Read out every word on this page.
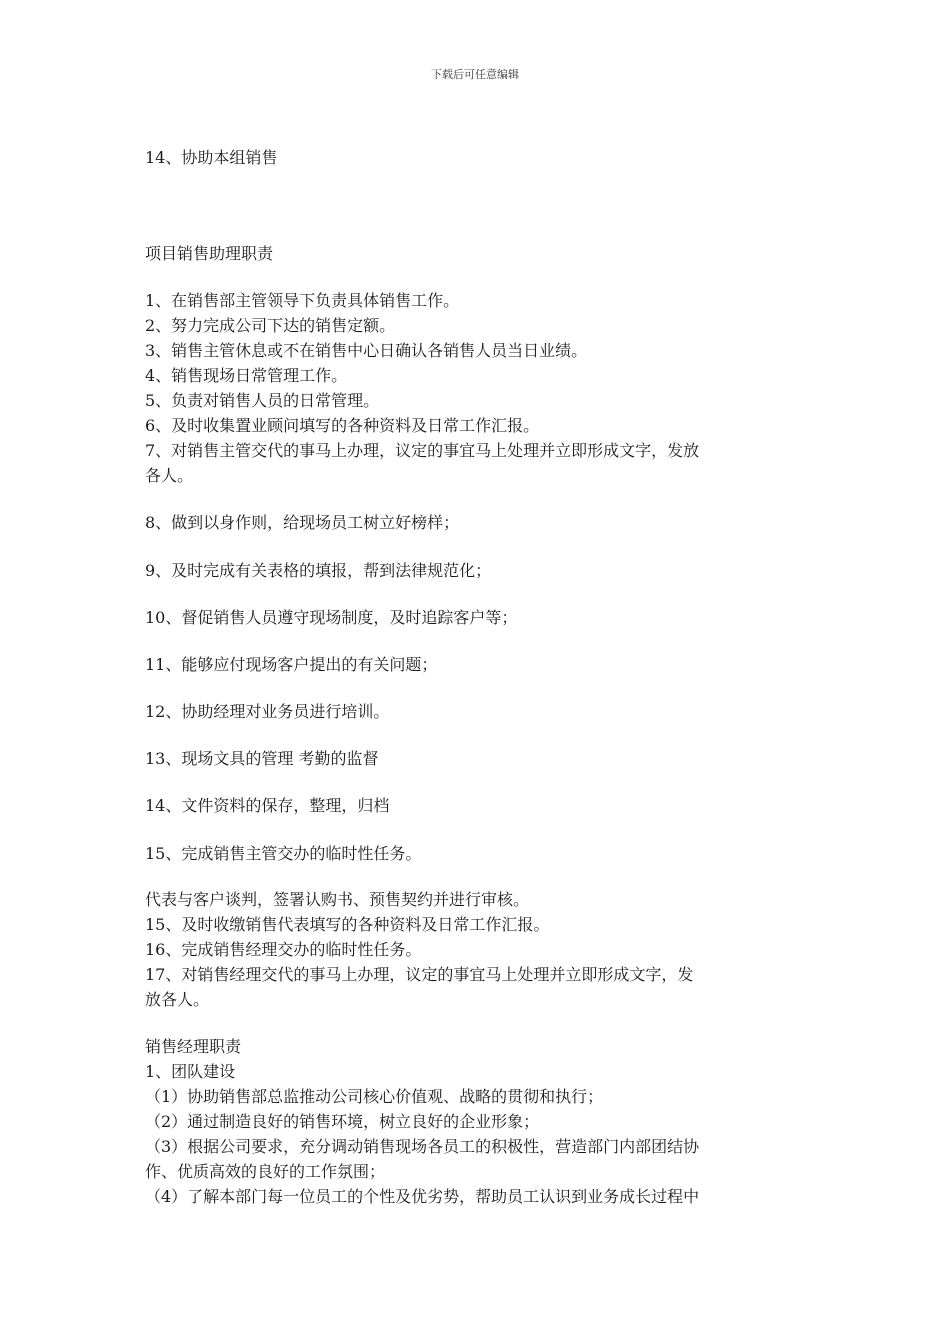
下载后可任意编辑
14、协助本组销售
项目销售助理职责
1、在销售部主管领导下负责具体销售工作。
2、努力完成公司下达的销售定额。
3、销售主管休息或不在销售中心日确认各销售人员当日业绩。
4、销售现场日常管理工作。
5、负责对销售人员的日常管理。
6、及时收集置业顾问填写的各种资料及日常工作汇报。
7、对销售主管交代的事马上办理，议定的事宜马上处理并立即形成文字，发放
各人。
8、做到以身作则，给现场员工树立好榜样；
9、及时完成有关表格的填报，帮到法律规范化；
10、督促销售人员遵守现场制度，及时追踪客户等；
11、能够应付现场客户提出的有关问题；
12、协助经理对业务员进行培训。
13、现场文具的管理 考勤的监督
14、文件资料的保存，整理，归档
15、完成销售主管交办的临时性任务。
代表与客户谈判，签署认购书、预售契约并进行审核。
15、及时收缴销售代表填写的各种资料及日常工作汇报。
16、完成销售经理交办的临时性任务。
17、对销售经理交代的事马上办理，议定的事宜马上处理并立即形成文字，发
放各人。
销售经理职责
1、团队建设
（1）协助销售部总监推动公司核心价值观、战略的贯彻和执行；
（2）通过制造良好的销售环境，树立良好的企业形象；
（3）根据公司要求，充分调动销售现场各员工的积极性，营造部门内部团结协
作、优质高效的良好的工作氛围；
（4）了解本部门每一位员工的个性及优劣势，帮助员工认识到业务成长过程中
